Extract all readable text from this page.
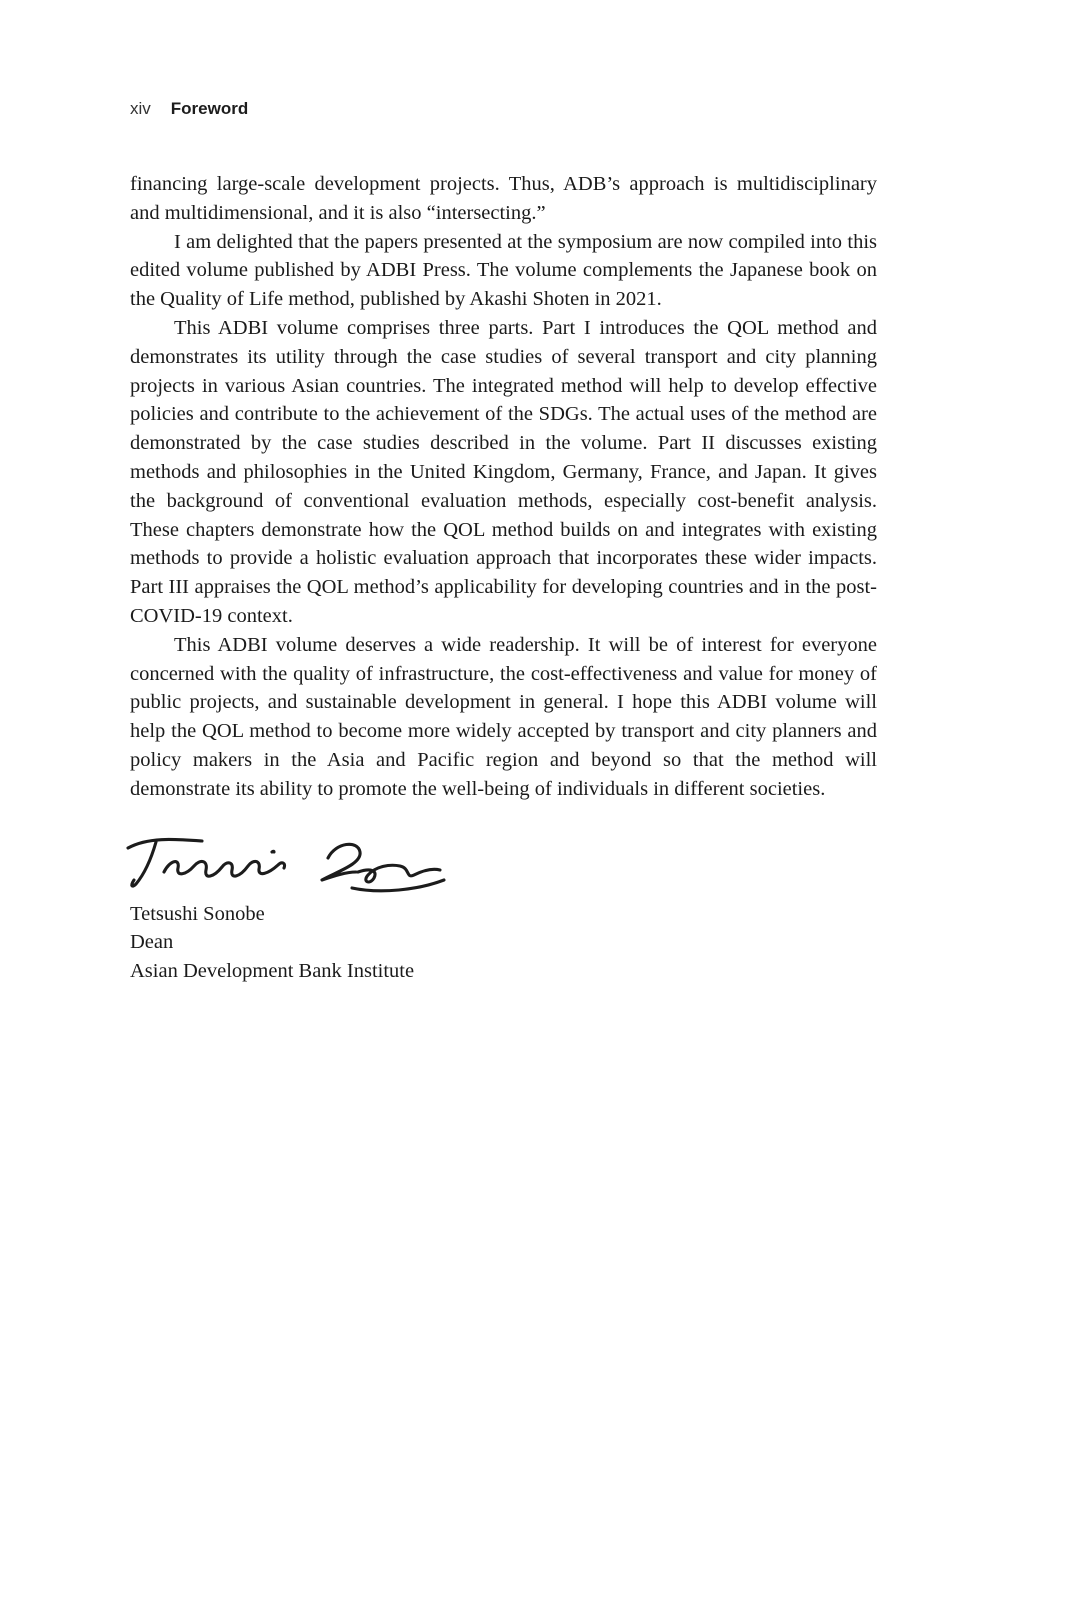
xiv Foreword

financing large-scale development projects. Thus, ADB’s approach is multidisciplinary and multidimensional, and it is also “intersecting.”

I am delighted that the papers presented at the symposium are now compiled into this edited volume published by ADBI Press. The volume complements the Japanese book on the Quality of Life method, published by Akashi Shoten in 2021.

This ADBI volume comprises three parts. Part I introduces the QOL method and demonstrates its utility through the case studies of several transport and city planning projects in various Asian countries. The integrated method will help to develop effective policies and contribute to the achievement of the SDGs. The actual uses of the method are demonstrated by the case studies described in the volume. Part II discusses existing methods and philosophies in the United Kingdom, Germany, France, and Japan. It gives the background of conventional evaluation methods, especially cost-benefit analysis. These chapters demonstrate how the QOL method builds on and integrates with existing methods to provide a holistic evaluation approach that incorporates these wider impacts. Part III appraises the QOL method’s applicability for developing countries and in the post-COVID-19 context.

This ADBI volume deserves a wide readership. It will be of interest for everyone concerned with the quality of infrastructure, the cost-effectiveness and value for money of public projects, and sustainable development in general. I hope this ADBI volume will help the QOL method to become more widely accepted by transport and city planners and policy makers in the Asia and Pacific region and beyond so that the method will demonstrate its ability to promote the well-being of individuals in different societies.

Tetsushi Sonobe
Dean
Asian Development Bank Institute
